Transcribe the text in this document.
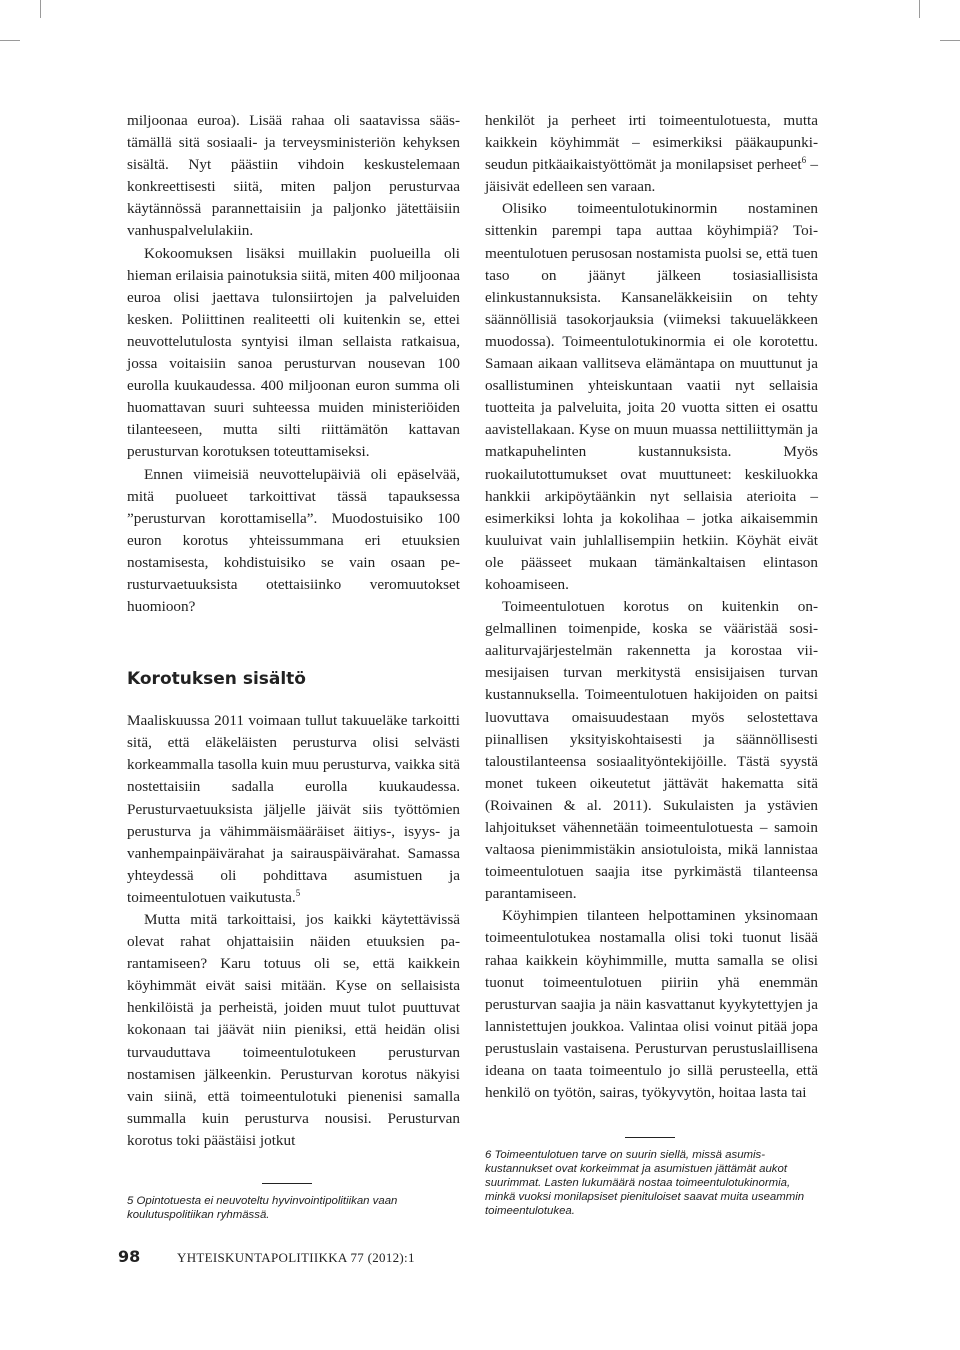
miljoonaa euroa). Lisää rahaa oli saatavissa säästämällä sitä sosiaali- ja terveysministeriön kehyksen sisältä. Nyt päästiin vihdoin keskustelemaan konkreettisesti siitä, miten paljon perusturvaa käytännössä parannettaisiin ja paljonko jätettäisiin vanhuspalvelulakiin.

Kokoomuksen lisäksi muillakin puolueilla oli hieman erilaisia painotuksia siitä, miten 400 miljoonaa euroa olisi jaettava tulonsiirtojen ja palveluiden kesken. Poliittinen realiteetti oli kuitenkin se, ettei neuvottelutulosta syntyisi ilman sellaista ratkaisua, jossa voitaisiin sanoa perusturvan nousevan 100 eurolla kuukaudessa. 400 miljoonan euron summa oli huomattavan suuri suhteessa muiden ministeriöiden tilanteeseen, mutta silti riittämätön kattavan perusturvan korotuksen toteuttamiseksi.

Ennen viimeisiä neuvottelupäiviä oli epäselvää, mitä puolueet tarkoittivat tässä tapauksessa ”perusturvan korottamisella”. Muodostuisiko 100 euron korotus yhteissummana eri etuuksien nostamisesta, kohdistuisiko se vain osaan perusturvaetuuksista otettaisiinko veromuutokset huomioon?

Korotuksen sisältö

Maaliskuussa 2011 voimaan tullut takuueläke tarkoitti sitä, että eläkeläisten perusturva olisi selvästi korkeammalla tasolla kuin muu perusturva, vaikka sitä nostettaisiin sadalla eurolla kuukaudessa. Perusturvaetuuksista jäljelle jäivät siis työttömien perusturva ja vähimmäismääräiset äitiys-, isyys- ja vanhempainpäivärahat ja sairauspäivärahat. Samassa yhteydessä oli pohdittava asumistuen ja toimeentulotuen vaikutusta.$^5$

Mutta mitä tarkoittaisi, jos kaikki käytettävissä olevat rahat ohjattaisiin näiden etuuksien parantamiseen? Karu totuus oli se, että kaikkein köyhimmät eivät saisi mitään. Kyse on sellaisista henkilöistä ja perheistä, joiden muut tulot puuttuvat kokonaan tai jäävät niin pieniksi, että heidän olisi turvauduttava toimeentulotukeen perusturvan nostamisen jälkeenkin. Perusturvan korotus näkyisi vain siinä, että toimeentulotuki pienenisi samalla summalla kuin perusturva nousisi. Perusturvan korotus toki päästäisi jotkut

henkilöt ja perheet irti toimeentulotuesta, mutta kaikkein köyhimmät – esimerkiksi pääkaupunkiseudun pitkäaikaistyöttömät ja monilapsiset perheet$^6$ – jäisivät edelleen sen varaan.

Olisiko toimeentulotukinormin nostaminen sittenkin parempi tapa auttaa köyhimpiä? Toimeentulotuen perusosan nostamista puolsi se, että tuen taso on jäänyt jälkeen tosiasiallisista elinkustannuksista. Kansaneläkkeisiin on tehty säännöllisiä tasokorjauksia (viimeksi takuueläkkeen muodossa). Toimeentulotukinormia ei ole korotettu. Samaan aikaan vallitseva elämäntapa on muuttunut ja osallistuminen yhteiskuntaan vaatii nyt sellaisia tuotteita ja palveluita, joita 20 vuotta sitten ei osattu aavistellakaan. Kyse on muun muassa nettiliittymän ja matkapuhelinten kustannuksista. Myös ruokailutottumukset ovat muuttuneet: keskiluokka hankkii arkipöytäänkin nyt sellaisia aterioita – esimerkiksi lohta ja kokolihaa – jotka aikaisemmin kuuluivat vain juhlallisempiin hetkiin. Köyhät eivät ole päässeet mukaan tämänkaltaisen elintason kohoamiseen.

Toimeentulotuen korotus on kuitenkin ongelmallinen toimenpide, koska se vääristää sosiaaliturvajärjestelmän rakennetta ja korostaa viimesijaisen turvan merkitystä ensisijaisen turvan kustannuksella. Toimeentulotuen hakijoiden on paitsi luovuttava omaisuudestaan myös selostettava piinallisen yksityiskohtaisesti ja säännöllisesti taloustilanteensa sosiaalityöntekijöille. Tästä syystä monet tukeen oikeutetut jättävät hakematta sitä (Roivainen & al. 2011). Sukulaisten ja ystävien lahjoitukset vähennetään toimeentulotuesta – samoin valtaosa pienimmistäkin ansiotuloista, mikä lannistaa toimeentulotuen saajia itse pyrkimästä tilanteensa parantamiseen.

Köyhimpien tilanteen helpottaminen yksinomaan toimeentulotukea nostamalla olisi toki tuonut lisää rahaa kaikkein köyhimmille, mutta samalla se olisi tuonut toimeentulotuen piiriin yhä enemmän perusturvan saajia ja näin kasvattanut kyykytettyjen ja lannistettujen joukkoa. Valintaa olisi voinut pitää jopa perustuslain vastaisena. Perusturvan perustuslaillisena ideana on taata toimeentulo jo sillä perusteella, että henkilö on työtön, sairas, työkyvytön, hoitaa lasta tai

5 Opintotuesta ei neuvoteltu hyvinvointipolitiikan vaan koulutuspolitiikan ryhmässä.

6 Toimeentulotuen tarve on suurin siellä, missä asumiskustannukset ovat korkeimmat ja asumistuen jättämät aukot suurimmat. Lasten lukumäärä nostaa toimeentulotukinormia, minkä vuoksi monilapsiset pienituloiset saavat muita useammin toimeentulotukea.

98	YHTEISKUNTAPOLITIIKKA 77 (2012):1
